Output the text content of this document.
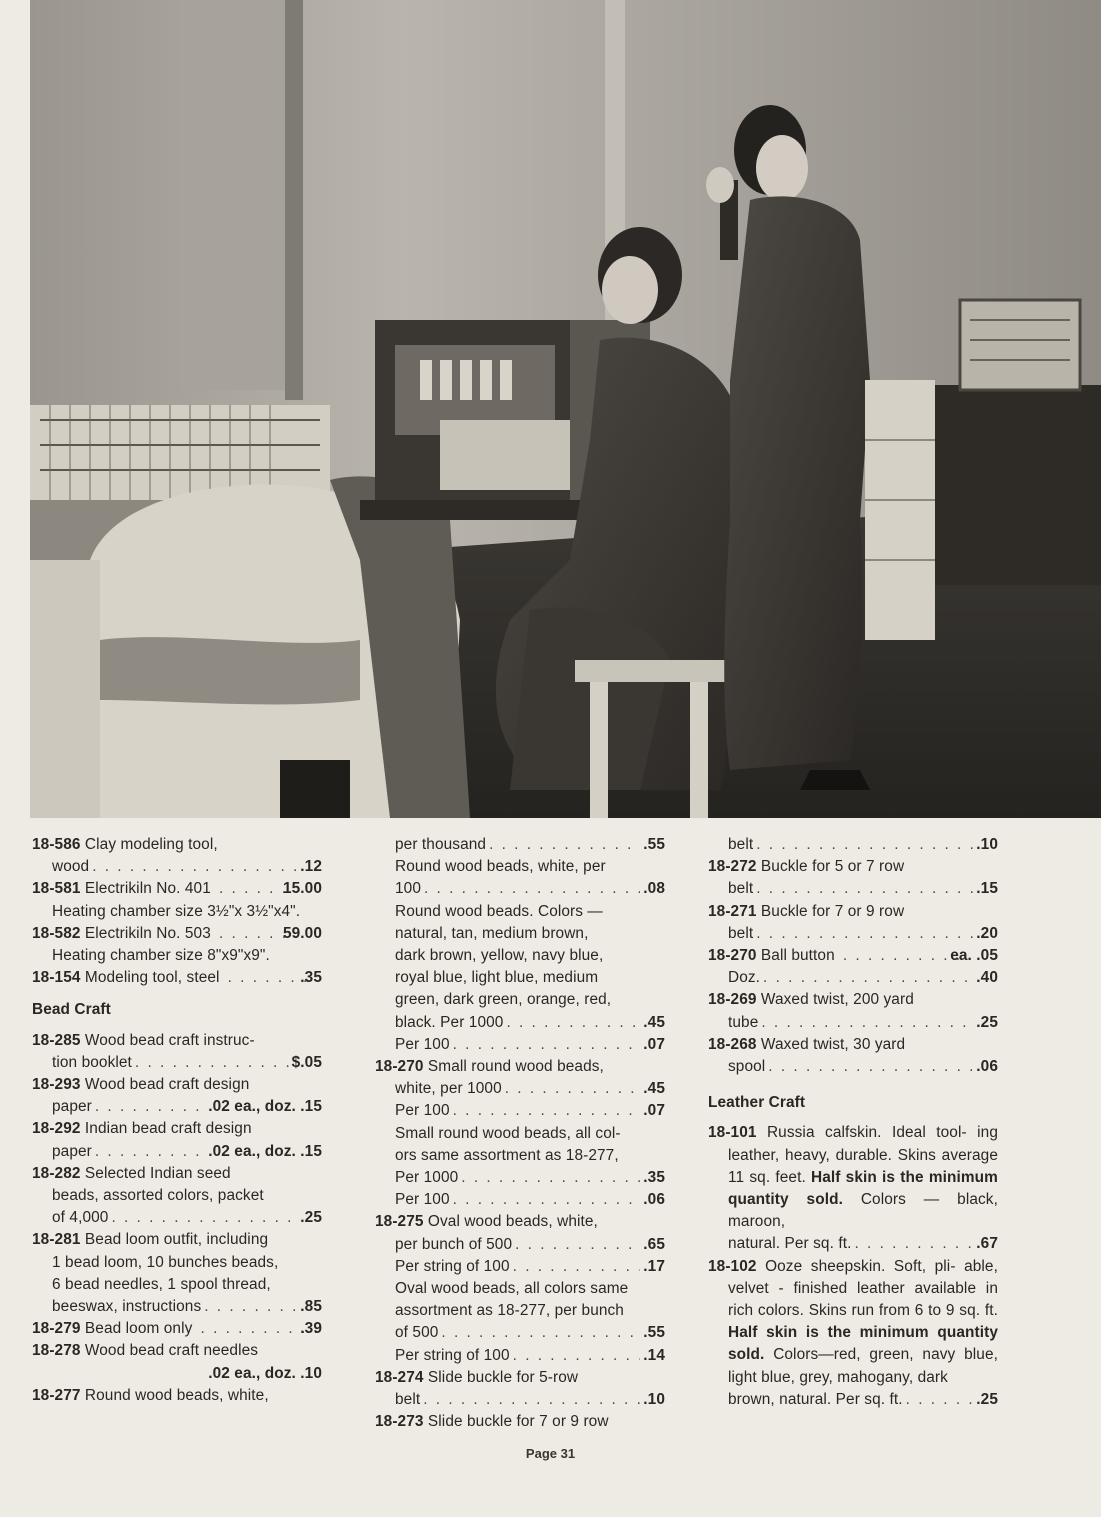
18-586 Clay modeling tool,
wood . . .	.12
18-581 Electrikiln No. 401 . . .	15.00
Heating chamber size 3½"x 3½"x4".
18-582 Electrikiln No. 503 . . .	59.00
Heating chamber size 8"x9"x9".
18-154 Modeling tool, steel . . .	.35
Bead Craft
18-285 Wood bead craft instruc-
tion booklet . . .	$.05
18-293 Wood bead craft design
paper . . .	.02 ea., doz. .15
18-292 Indian bead craft design
paper . . .	.02 ea., doz. .15
18-282 Selected Indian seed
beads, assorted colors, packet
of 4,000 . . .	.25
18-281 Bead loom outfit, including
1 bead loom, 10 bunches beads,
6 bead needles, 1 spool thread,
beeswax, instructions . . .	.85
18-279 Bead loom only . . .	.39
18-278 Wood bead craft needles
.02 ea., doz. .10
18-277 Round wood beads, white,
per thousand . . .	.55
Round wood beads, white, per
100 . . .	.08
Round wood beads. Colors —
natural, tan, medium brown,
dark brown, yellow, navy blue,
royal blue, light blue, medium
green, dark green, orange, red,
black. Per 1000 . . .	.45
Per 100 . . .	.07
18-270 Small round wood beads,
white, per 1000 . . .	.45
Per 100 . . .	.07
Small round wood beads, all col-
ors same assortment as 18-277,
Per 1000 . . .	.35
Per 100 . . .	.06
18-275 Oval wood beads, white,
per bunch of 500 . . .	.65
Per string of 100 . . .	.17
Oval wood beads, all colors same
assortment as 18-277, per bunch
of 500 . . .	.55
Per string of 100 . . .	.14
18-274 Slide buckle for 5-row
belt . . .	.10
18-273 Slide buckle for 7 or 9 row
belt . . .	.10
18-272 Buckle for 5 or 7 row
belt . . .	.15
18-271 Buckle for 7 or 9 row
belt . . .	.20
18-270 Ball button . . .	ea. .05
Doz. . . .	.40
18-269 Waxed twist, 200 yard
tube . . .	.25
18-268 Waxed twist, 30 yard
spool . . .	.06
Leather Craft
18-101 Russia calfskin. Ideal tool- ing leather, heavy, durable. Skins average 11 sq. feet. Half skin is the minimum quantity sold. Colors — black, maroon,
natural. Per sq. ft. . . .	.67
18-102 Ooze sheepskin. Soft, pli- able, velvet - finished leather available in rich colors. Skins run from 6 to 9 sq. ft. Half skin is the minimum quantity sold. Colors—red, green, navy blue, light blue, grey, mahogany, dark
brown, natural. Per sq. ft. . . .	.25
Page 31
